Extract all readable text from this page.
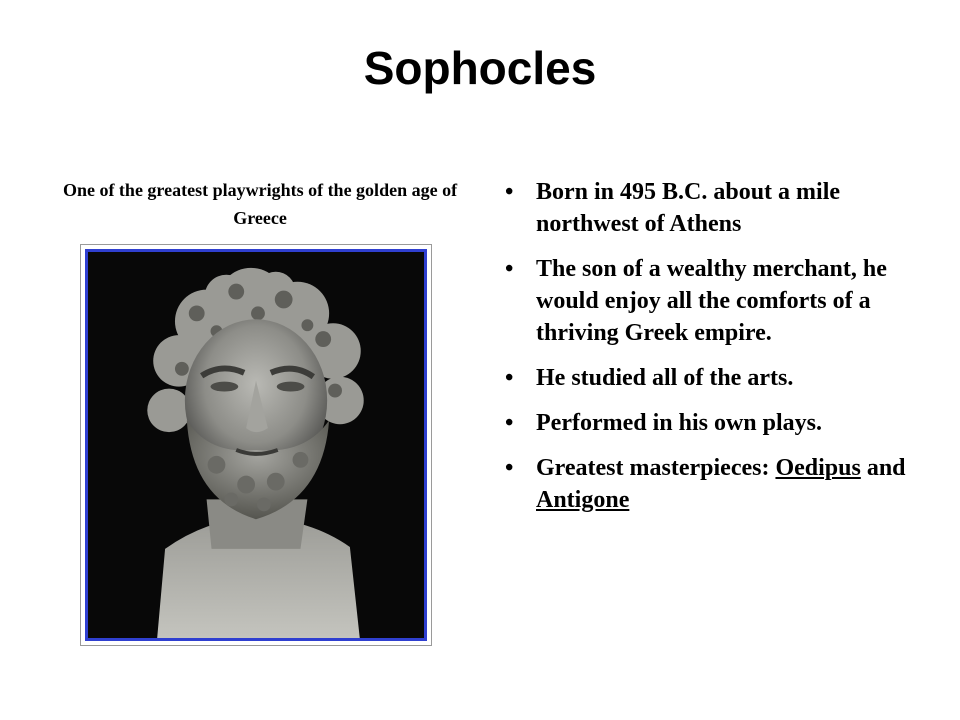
Sophocles
One of the greatest playwrights of the golden age of Greece
• Born in 495 B.C. about a mile northwest of Athens
• The son of a wealthy merchant, he would enjoy all the comforts of a thriving Greek empire.
• He studied all of the arts.
• Performed in his own plays.
• Greatest masterpieces: Oedipus and Antigone
